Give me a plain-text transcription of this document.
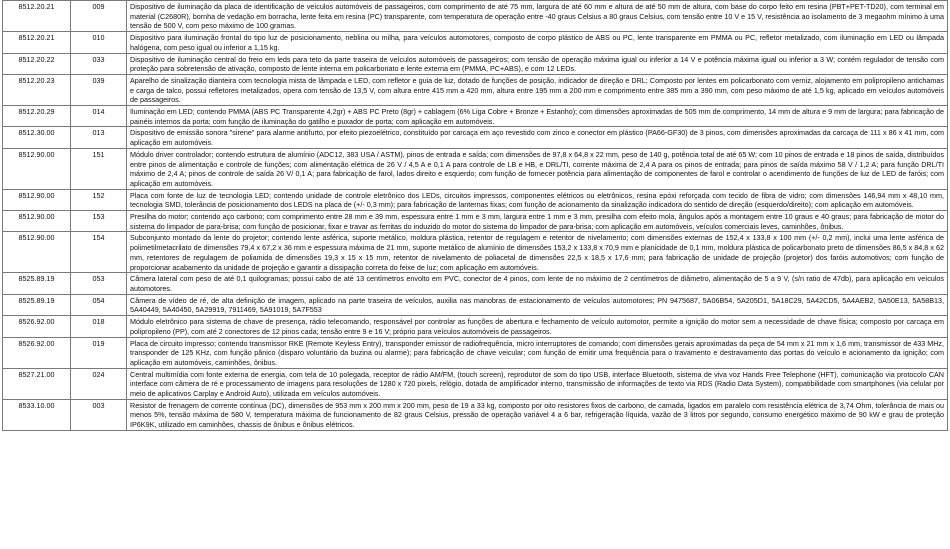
8512.20.21	009	Dispositivo de iluminação da placa de identificação de veículos automóveis de passageiros, com comprimento de até 75 mm, largura de até 60 mm e altura de até 50 mm de altura, com base do corpo feito em resina (PBT+PET-TD20), com terminal em material (C2680R), bornha de vedação em borracha, lente feita em resina (PC) transparente, com temperatura de operação entre -40 graus Celsius a 80 graus Celsius, com tensão entre 10 V e 15 V, resistência ao isolamento de 3 megaohm mínimo à uma tensão de 500 V, com peso máximo de 100 gramas.
8512.20.21	010	Dispositivo para iluminação frontal do tipo luz de posicionamento, neblina ou milha, para veículos automotores, composto de corpo plástico de ABS ou PC, lente transparente em PMMA ou PC, refletor metalizado, com iluminação em LED ou lâmpada halógena, com peso igual ou inferior a 1,15 kg.
8512.20.22	033	Dispositivo de iluminação central do freio em leds para teto da parte traseira de veículos automóveis de passageiros; com tensão de operação máxima igual ou inferior a 14 V e potência máxima igual ou inferior a 3 W; contém regulador de tensão com proteção para sobretensão de ativação, composto de lente interna em policarbonato e lente externa em (PMMA, PC+ABS), e com 12 LEDs.
8512.20.23	039	Aparelho de sinalização dianteira com tecnologia mista de lâmpada e LED, com refletor e guia de luz, dotado de funções de posição, indicador de direção e DRL; Composto por lentes em policarbonato com verniz, alojamento em polipropileno antichamas e carga de talco, possui refletores metalizados, opera com tensão de 13,5 V, com altura entre 415 mm a 420 mm, altura entre 195 mm a 200 mm e comprimento entre 385 mm a 390 mm, com peso máximo de até 1,5 kg, aplicado em veículos automóveis de passageiros.
8512.20.29	014	Iluminação em LED; contendo PMMA (ABS PC Transparente 4,2gr) + ABS PC Preto (8gr) + cablagem (6% Liga Cobre + Bronze + Estanho); com dimensões aproximadas de 505 mm de comprimento, 14 mm de altura e 9 mm de largura; para fabricação de painéis internos da porta; com função de iluminação do gatilho e puxador de porta; com aplicação em automóveis.
8512.30.00	013	Dispositivo de emissão sonora "sirene" para alarme antifurto, por efeito piezoelétrico, constituído por carcaça em aço revestido com zinco e conector em plástico (PA66-GF30) de 3 pinos, com dimensões aproximadas da carcaça de 111 x 86 x 41 mm, com aplicação em automóveis.
8512.90.00	151	Módulo driver controlador; contendo estrutura de alumínio (ADC12, 383 USA / ASTM), pinos de entrada e saída; com dimensões de 97,8 x 64,8 x 22 mm, peso de 140 g, potência total de até 65 W; com 10 pinos de entrada e 18 pinos de saída, distribuídos entre pinos de alimentação e controle de funções; com alimentação elétrica de 26 V / 4,5 A e 0,1 A para controle de LB e HB, e DRL/TI, corrente máxima de 2,4 A para os pinos de entrada; para pinos de saída máximo 58 V / 1,2 A; para função DRL/TI máximo de 2,4 A; pinos de controle de saída 26 V/ 0,1 A; para fabricação de farol, lados direito e esquerdo; com função de fornecer potência para alimentação de componentes de farol e controlar o acendimento de funções de luz de LED de faróis; com aplicação em automóveis.
8512.90.00	152	Placa com fonte de luz de tecnologia LED; contendo unidade de controle eletrônico dos LEDs, circuitos impressos, componentes elétricos ou eletrônicos, resina epóxi reforçada com tecido de fibra de vidro; com dimensões 146,94 mm x 48,10 mm, tecnologia SMD, tolerância de posicionamento dos LEDS na placa de (+/- 0,3 mm); para fabricação de lanternas fixas; com função de acionamento da sinalização indicadora do sentido de direção (esquerdo/direito); com aplicação em automóveis.
8512.90.00	153	Presilha do motor; contendo aço carbono; com comprimento entre 28 mm e 39 mm, espessura entre 1 mm e 3 mm, largura entre 1 mm e 3 mm, presilha com efeito mola, ângulos após a montagem entre 10 graus e 40 graus; para fabricação de motor do sistema do limpador de para-brisa; com função de posicionar, fixar e travar as ferritas do induzido do motor do sistema do limpador de para-brisa; com aplicação em automóveis, veículos comerciais leves, caminhões, ônibus.
8512.90.00	154	Subconjunto montado da lente do projetor; contendo lente asférica, suporte metálico, moldura plástica, retentor de regulagem e retentor de nivelamento; com dimensões externas de 152,4 x 133,8 x 100 mm (+/- 0,2 mm), inclui uma lente asférica de polimetilmetacrilato de dimensões 79,4 x 67,2 x 36 mm e espessura máxima de 21 mm, suporte metálico de alumínio de dimensões 153,2 x 133,8 x 70,9 mm e planicidade de 0,1 mm, moldura plástica de policarbonato preto de dimensões 86,5 x 84,8 x 62 mm, retentores de regulagem de poliamida de dimensões 19,3 x 15 x 15 mm, retentor de nivelamento de poliacetal de dimensões 22,5 x 18,5 x 17,6 mm; para fabricação de unidade de projeção (projetor) dos faróis automotivos; com função de proporcionar acabamento da unidade de projeção e garantir a dissipação correta do feixe de luz; com aplicação em automóveis.
8525.89.19	053	Câmera lateral com peso de até 0,1 quilogramas; possui cabo de até 13 centímetros envolto em PVC, conector de 4 pinos, com lente de no máximo de 2 centímetros de diâmetro, alimentação de 5 a 9 V, (s/n ratio de 47db), para aplicação em veículos automotores.
8525.89.19	054	Câmera de vídeo de ré, de alta definição de imagem, aplicado na parte traseira de veículos, auxilia nas manobras de estacionamento de veículos automotores; PN 9475687, 5A06B54, 5A205D1, 5A18C29, 5A42CD5, 5A4AEB2, 5A50E13, 5A58B13, 5A40449, 5A40450, 5A29919, 7911469, 5A91019, 5A7F553
8526.92.00	018	Módulo eletrônico para sistema de chave de presença, rádio telecomando, responsável por controlar as funções de abertura e fechamento de veículo automotor, permite a ignição do motor sem a necessidade de chave física; composto por carcaça em polipropileno (PP), com até 2 conectores de 12 pinos cada; tensão entre 9 e 16 V; próprio para veículos automóveis de passageiros.
8526.92.00	019	Placa de circuito impresso; contendo transmissor RKE (Remote Keyless Entry), transponder emissor de radiofrequência, micro interruptores de comando; com dimensões gerais aproximadas da peça de 54 mm x 21 mm x 1,6 mm, transmissor de 433 MHz, transponder de 125 KHz, com função pânico (disparo voluntário da buzina ou alarme); para fabricação de chave veicular; com função de emitir uma frequência para o travamento e destravamento das portas do veículo e acionamento da ignição; com aplicação em automóveis, caminhões, ônibus.
8527.21.00	024	Central multimídia com fonte externa de energia, com tela de 10 polegada, receptor de rádio AM/FM, (touch screen), reprodutor de som do tipo USB, interface Bluetooth, sistema de viva voz Hands Free Telephone (HFT), comunicação via protocolo CAN interface com câmera de ré e processamento de imagens para resoluções de 1280 x 720 pixels, relógio, dotada de amplificador interno, transmissão de informações de texto via RDS (Radio Data System), compatibilidade com smartphones (via celular por meio de aplicativos Carplay e Android Auto), utilizada em veículos automóveis.
8533.10.00	003	Resistor de frenagem de corrente contínua (DC), dimensões de 953 mm x 200 mm x 200 mm, peso de 19 a 33 kg, composto por oito resistores fixos de carbono, de camada, ligados em paralelo com resistência elétrica de 3,74 Ohm, tolerância de mais ou menos 5%, tensão máxima de 580 V, temperatura máxima de funcionamento de 82 graus Celsius, pressão de operação variável 4 a 6 bar, refrigeração líquida, vazão de 3 litros por segundo, consumo energético máximo de 90 kW e grau de proteção IP6K9K, utilizado em caminhões, chassis de ônibus e ônibus elétricos.
